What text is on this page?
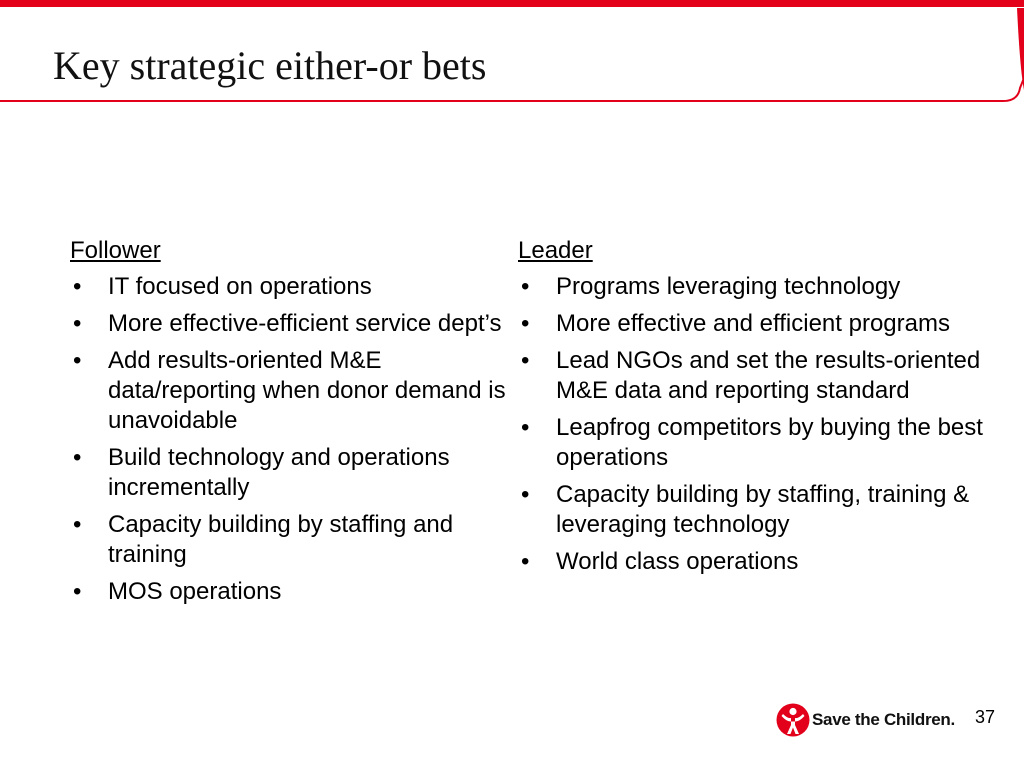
Key strategic either-or bets
Follower
• IT focused on operations
• More effective-efficient service dept’s
• Add results-oriented M&E data/reporting when donor demand is unavoidable
• Build technology and operations incrementally
• Capacity building by staffing and training
• MOS operations
Leader
• Programs leveraging technology
• More effective and efficient programs
• Lead NGOs and set the results-oriented M&E data and reporting standard
• Leapfrog competitors by buying the best operations
• Capacity building by staffing, training & leveraging technology
• World class operations
Save the Children. 37
